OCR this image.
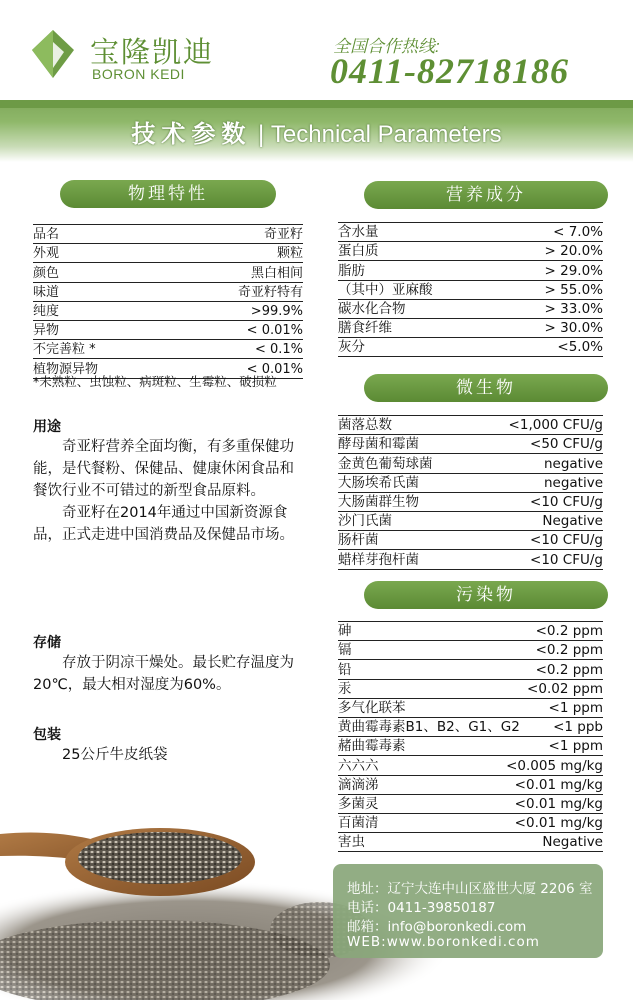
宝隆凯迪
BORON KEDI
全国合作热线:
0411-82718186
技术参数 | Technical Parameters
物理特性
品名	奇亚籽
外观	颗粒
颜色	黑白相间
味道	奇亚籽特有
纯度	>99.9%
异物	< 0.01%
不完善粒 *	< 0.1%
植物源异物	< 0.01%
*未熟粒、虫蚀粒、病斑粒、生霉粒、破损粒
营养成分
含水量	< 7.0%
蛋白质	> 20.0%
脂肪	> 29.0%
（其中）亚麻酸	> 55.0%
碳水化合物	> 33.0%
膳食纤维	> 30.0%
灰分	<5.0%
微生物
菌落总数	<1,000 CFU/g
酵母菌和霉菌	<50 CFU/g
金黄色葡萄球菌	negative
大肠埃希氏菌	negative
大肠菌群生物	<10 CFU/g
沙门氏菌	Negative
肠杆菌	<10 CFU/g
蜡样芽孢杆菌	<10 CFU/g
污染物
砷	<0.2 ppm
镉	<0.2 ppm
铅	<0.2 ppm
汞	<0.02 ppm
多气化联苯	<1 ppm
黄曲霉毒素B1、B2、G1、G2 <1 ppb
赭曲霉毒素	<1 ppm
六六六	<0.005 mg/kg
滴滴涕	<0.01 mg/kg
多菌灵	<0.01 mg/kg
百菌清	<0.01 mg/kg
害虫	Negative
用途

奇亚籽营养全面均衡，有多重保健功能，是代餐粉、保健品、健康休闲食品和餐饮行业不可错过的新型食品原料。

奇亚籽在2014年通过中国新资源食品，正式走进中国消费品及保健品市场。

存储

存放于阴凉干燥处。最长贮存温度为20℃，最大相对湿度为60%。

包装

25公斤牛皮纸袋

地址：辽宁大连中山区盛世大厦 2206 室
电话：0411-39850187
邮箱：info@boronkedi.com
WEB:www.boronkedi.com
